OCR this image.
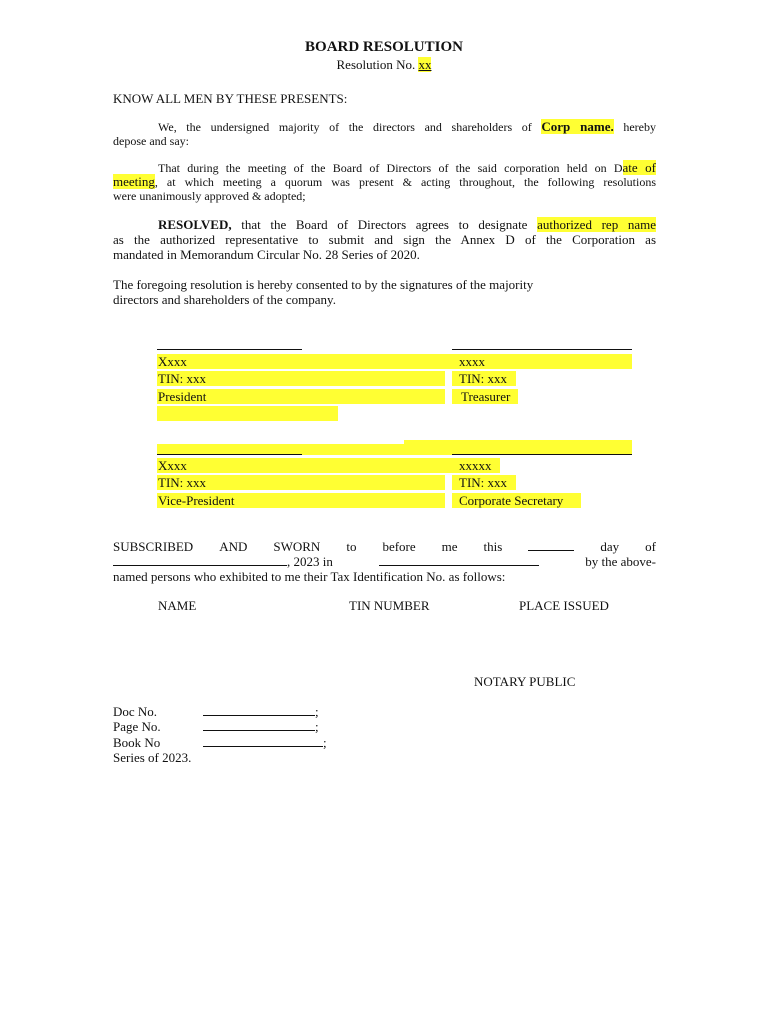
BOARD RESOLUTION
Resolution No. xx
KNOW ALL MEN BY THESE PRESENTS:
We, the undersigned majority of the directors and shareholders of Corp name. hereby
depose and say:
That during the meeting of the Board of Directors of the said corporation held on Date of
meeting, at which meeting a quorum was present & acting throughout, the following resolutions
were unanimously approved & adopted;
RESOLVED, that the Board of Directors agrees to designate authorized rep name
as the authorized representative to submit and sign the Annex D of the Corporation as
mandated in Memorandum Circular No. 28 Series of 2020.
The foregoing resolution is hereby consented to by the signatures of the majority
directors and shareholders of the company.
Xxxx	xxxx
TIN: xxx	TIN: xxx
President	Treasurer
Xxxx	xxxxx
TIN: xxx	TIN: xxx
Vice-President	Corporate Secretary
SUBSCRIBED AND SWORN to before me this	day of
, 2023 in	by the above-
named persons who exhibited to me their Tax Identification No. as follows:
NAME	TIN NUMBER	PLACE ISSUED
NOTARY PUBLIC
Doc No.	;
Page No.	;
Book No	;
Series of 2023.
